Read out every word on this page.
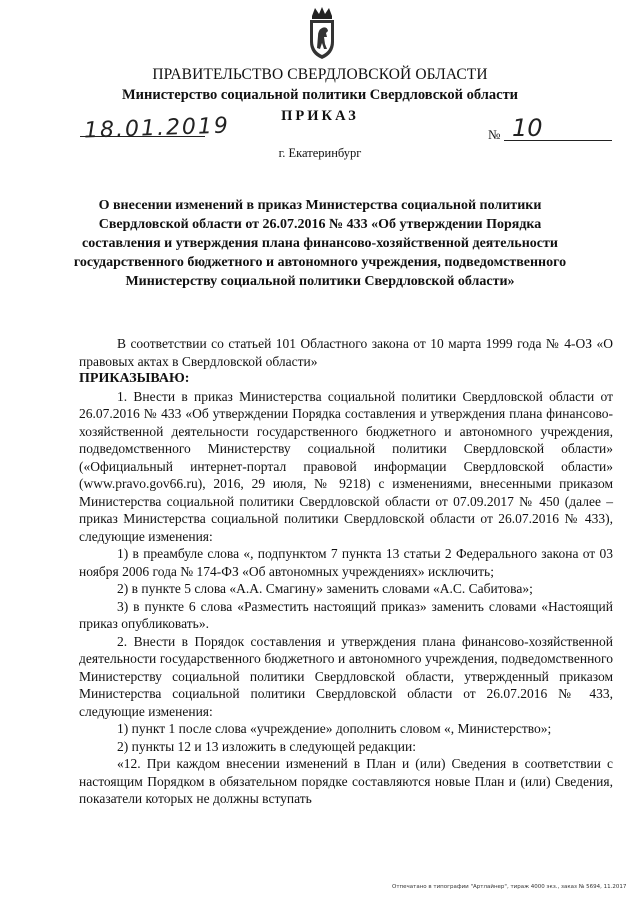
ПРАВИТЕЛЬСТВО СВЕРДЛОВСКОЙ ОБЛАСТИ
Министерство социальной политики Свердловской области
ПРИКАЗ
18.01.2019	№ 10
г. Екатеринбург
О внесении изменений в приказ Министерства социальной политики Свердловской области от 26.07.2016 № 433 «Об утверждении Порядка составления и утверждения плана финансово-хозяйственной деятельности государственного бюджетного и автономного учреждения, подведомственного Министерству социальной политики Свердловской области»

В соответствии со статьей 101 Областного закона от 10 марта 1999 года № 4-ОЗ «О правовых актах в Свердловской области»

ПРИКАЗЫВАЮ:

1. Внести в приказ Министерства социальной политики Свердловской области от 26.07.2016 № 433 «Об утверждении Порядка составления и утверждения плана финансово-хозяйственной деятельности государственного бюджетного и автономного учреждения, подведомственного Министерству социальной политики Свердловской области» («Официальный интернет-портал правовой информации Свердловской области» (www.pravo.gov66.ru), 2016, 29 июля, № 9218) с изменениями, внесенными приказом Министерства социальной политики Свердловской области от 07.09.2017 № 450 (далее – приказ Министерства социальной политики Свердловской области от 26.07.2016 № 433), следующие изменения:

1) в преамбуле слова «, подпунктом 7 пункта 13 статьи 2 Федерального закона от 03 ноября 2006 года № 174-ФЗ «Об автономных учреждениях» исключить;

2) в пункте 5 слова «А.А. Смагину» заменить словами «А.С. Сабитова»;

3) в пункте 6 слова «Разместить настоящий приказ» заменить словами «Настоящий приказ опубликовать».

2. Внести в Порядок составления и утверждения плана финансово-хозяйственной деятельности государственного бюджетного и автономного учреждения, подведомственного Министерству социальной политики Свердловской области, утвержденный приказом Министерства социальной политики Свердловской области от 26.07.2016 № 433, следующие изменения:

1) пункт 1 после слова «учреждение» дополнить словом «, Министерство»;

2) пункты 12 и 13 изложить в следующей редакции:

«12. При каждом внесении изменений в План и (или) Сведения в соответствии с настоящим Порядком в обязательном порядке составляются новые План и (или) Сведения, показатели которых не должны вступать

Отпечатано в типографии "Артлайнер", тираж 4000 экз., заказ № 5694, 11.2017
